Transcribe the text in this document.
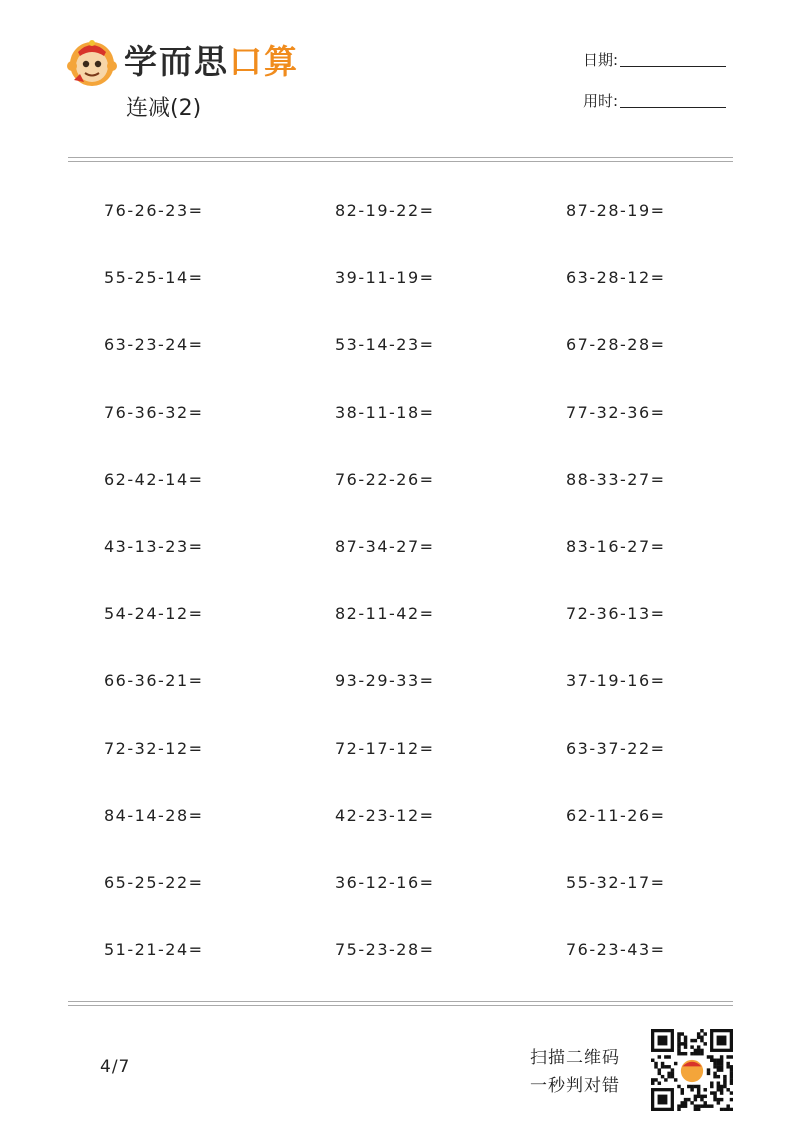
学而思口算
连减(2)
日期:
用时:
76-26-23=	82-19-22=	87-28-19=
55-25-14=	39-11-19=	63-28-12=
63-23-24=	53-14-23=	67-28-28=
76-36-32=	38-11-18=	77-32-36=
62-42-14=	76-22-26=	88-33-27=
43-13-23=	87-34-27=	83-16-27=
54-24-12=	82-11-42=	72-36-13=
66-36-21=	93-29-33=	37-19-16=
72-32-12=	72-17-12=	63-37-22=
84-14-28=	42-23-12=	62-11-26=
65-25-22=	36-12-16=	55-32-17=
51-21-24=	75-23-28=	76-23-43=
4/7	扫描二维码
一秒判对错
